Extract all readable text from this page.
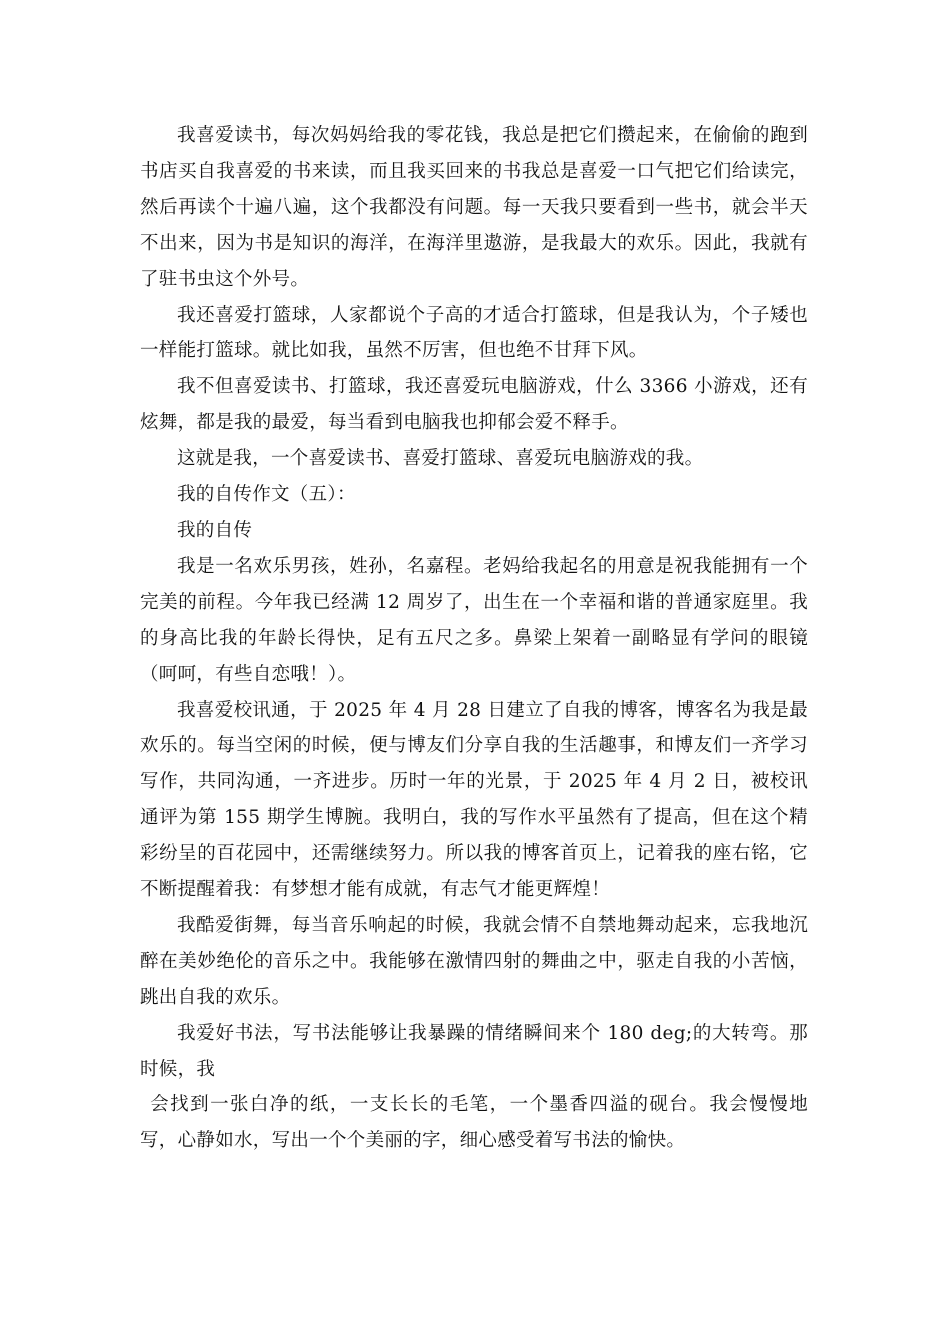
我喜爱读书，每次妈妈给我的零花钱，我总是把它们攒起来，在偷偷的跑到书店买自我喜爱的书来读，而且我买回来的书我总是喜爱一口气把它们给读完，然后再读个十遍八遍，这个我都没有问题。每一天我只要看到一些书，就会半天不出来，因为书是知识的海洋，在海洋里遨游，是我最大的欢乐。因此，我就有了驻书虫这个外号。

我还喜爱打篮球，人家都说个子高的才适合打篮球，但是我认为，个子矮也一样能打篮球。就比如我，虽然不厉害，但也绝不甘拜下风。

我不但喜爱读书、打篮球，我还喜爱玩电脑游戏，什么 3366 小游戏，还有炫舞，都是我的最爱，每当看到电脑我也抑郁会爱不释手。

这就是我，一个喜爱读书、喜爱打篮球、喜爱玩电脑游戏的我。

我的自传作文（五）：

我的自传

我是一名欢乐男孩，姓孙，名嘉程。老妈给我起名的用意是祝我能拥有一个完美的前程。今年我已经满 12 周岁了，出生在一个幸福和谐的普通家庭里。我的身高比我的年龄长得快，足有五尺之多。鼻梁上架着一副略显有学问的眼镜（呵呵，有些自恋哦！）。

我喜爱校讯通，于 2025 年 4 月 28 日建立了自我的博客，博客名为我是最欢乐的。每当空闲的时候，便与博友们分享自我的生活趣事，和博友们一齐学习写作，共同沟通，一齐进步。历时一年的光景，于 2025 年 4 月 2 日，被校讯通评为第 155 期学生博腕。我明白，我的写作水平虽然有了提高，但在这个精彩纷呈的百花园中，还需继续努力。所以我的博客首页上，记着我的座右铭，它不断提醒着我：有梦想才能有成就，有志气才能更辉煌！

我酷爱街舞，每当音乐响起的时候，我就会情不自禁地舞动起来，忘我地沉醉在美妙绝伦的音乐之中。我能够在激情四射的舞曲之中，驱走自我的小苦恼，跳出自我的欢乐。

我爱好书法，写书法能够让我暴躁的情绪瞬间来个 180 deg;的大转弯。那时候，我

会找到一张白净的纸，一支长长的毛笔，一个墨香四溢的砚台。我会慢慢地写，心静如水，写出一个个美丽的字，细心感受着写书法的愉快。
